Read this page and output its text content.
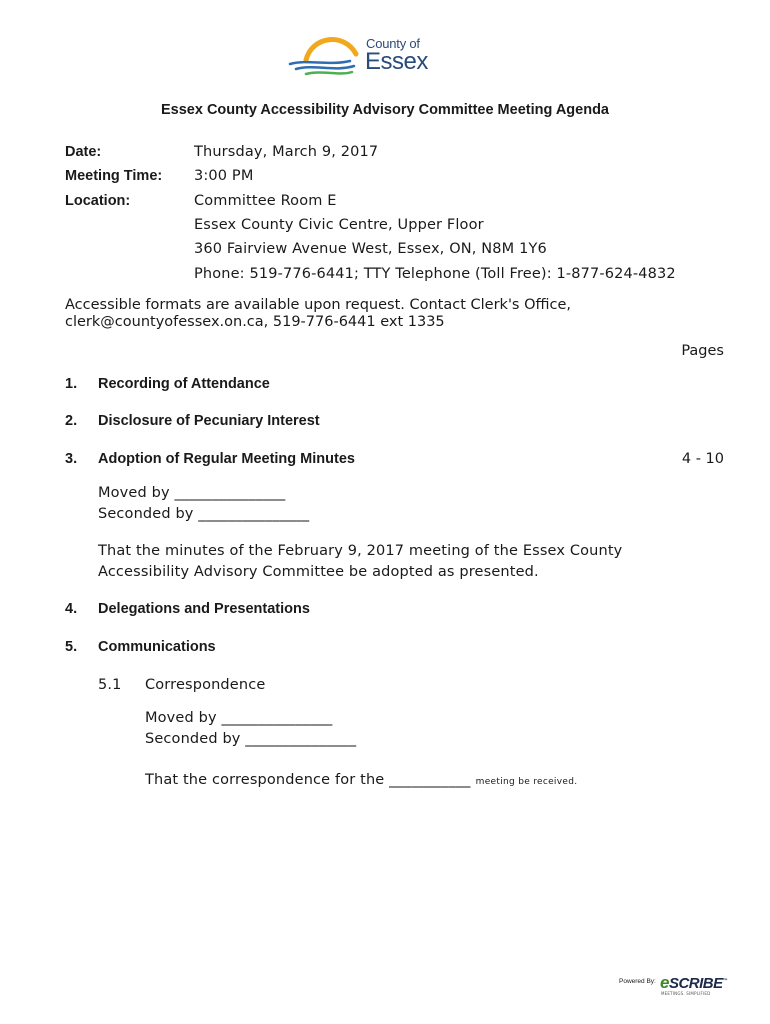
County of
Essex
Essex County Accessibility Advisory Committee Meeting Agenda
Date:	Thursday, March 9, 2017
Meeting Time: 3:00 PM
Location:	Committee Room E
Essex County Civic Centre, Upper Floor
360 Fairview Avenue West, Essex, ON, N8M 1Y6
Phone: 519-776-6441; TTY Telephone (Toll Free): 1-877-624-4832
Accessible formats are available upon request. Contact Clerk's Office,
clerk@countyofessex.on.ca, 519-776-6441 ext 1335
Pages
1. Recording of Attendance
2. Disclosure of Pecuniary Interest
3. Adoption of Regular Meeting Minutes	4 - 10
Moved by _______________
Seconded by _______________
That the minutes of the February 9, 2017 meeting of the Essex County
Accessibility Advisory Committee be adopted as presented.
4. Delegations and Presentations
5. Communications
5.1 Correspondence
Moved by _______________
Seconded by _______________
That the correspondence for the ___________ meeting be received.
Powered By: eSCRIBE™
MEETINGS. SIMPLIFIED
